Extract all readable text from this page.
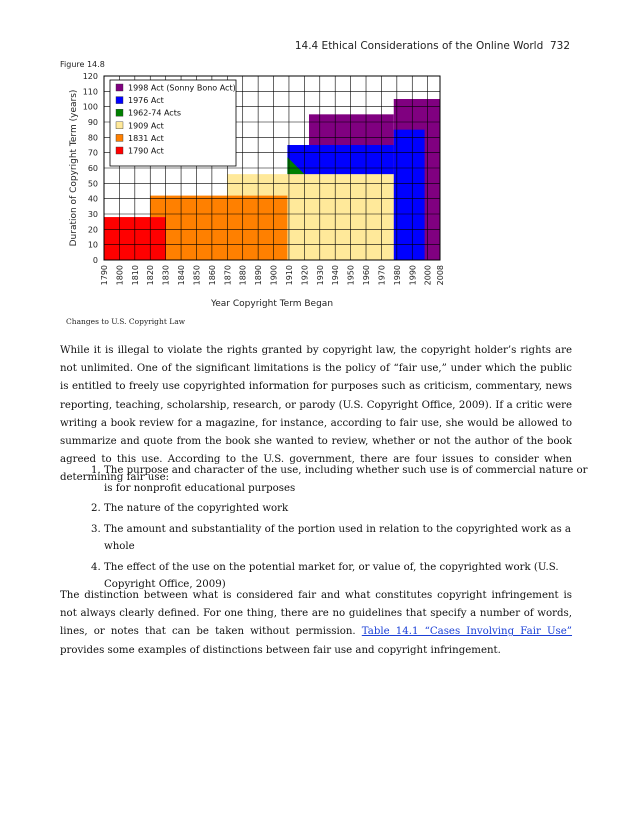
14.4 Ethical Considerations of the Online World 732
Figure 14.8
0
10
20
30
40
50
60
70
80
90
100
110
120
1790 1800 1810 1820 1830 1840 1850 1860 1870 1880 1890 1900 1910 1920 1930 1940 1950 1960 1970 1980 1990 2000 2008
1998 Act (Sonny Bono Act)
1976 Act
1962-74 Acts
1909 Act
1831 Act
1790 Act
Year Copyright Term Began
Duration of Copyright Term (years)
Changes to U.S. Copyright Law

While it is illegal to violate the rights granted by copyright law, the copyright holder’s rights are not unlimited. One of the significant limitations is the policy of “fair use,” under which the public is entitled to freely use copyrighted information for purposes such as criticism, commentary, news reporting, teaching, scholarship, research, or parody (U.S. Copyright Office, 2009). If a critic were writing a book review for a magazine, for instance, according to fair use, she would be allowed to summarize and quote from the book she wanted to review, whether or not the author of the book agreed to this use. According to the U.S. government, there are four issues to consider when determining fair use:

1. The purpose and character of the use, including whether such use is of commercial nature or is for nonprofit educational purposes
2. The nature of the copyrighted work
3. The amount and substantiality of the portion used in relation to the copyrighted work as a whole
4. The effect of the use on the potential market for, or value of, the copyrighted work (U.S. Copyright Office, 2009)

The distinction between what is considered fair and what constitutes copyright infringement is not always clearly defined. For one thing, there are no guidelines that specify a number of words, lines, or notes that can be taken without permission. Table 14.1 “Cases Involving Fair Use” provides some examples of distinctions between fair use and copyright infringement.
